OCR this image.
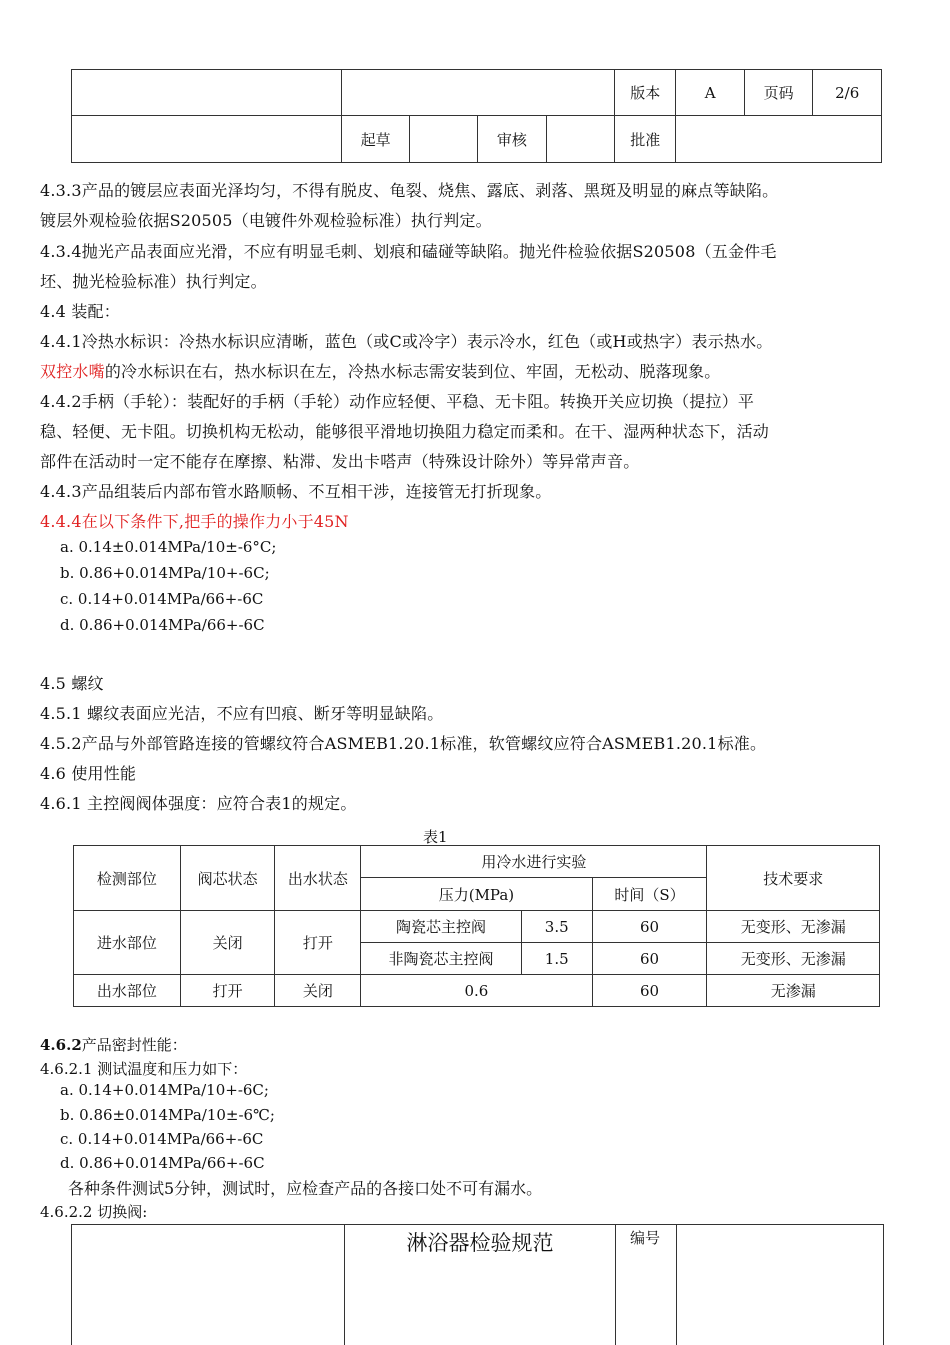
					版本	A	页码	2/6
	起草		审核		批准			
4.3.3产品的镀层应表面光泽均匀，不得有脱皮、龟裂、烧焦、露底、剥落、黑斑及明显的麻点等缺陷。
镀层外观检验依据S20505（电镀件外观检验标准）执行判定。
4.3.4抛光产品表面应光滑，不应有明显毛刺、划痕和磕碰等缺陷。抛光件检验依据S20508（五金件毛
坯、抛光检验标准）执行判定。
4.4 装配：
4.4.1冷热水标识：冷热水标识应清晰，蓝色（或C或冷字）表示冷水，红色（或H或热字）表示热水。
双控水嘴的冷水标识在右，热水标识在左，冷热水标志需安装到位、牢固，无松动、脱落现象。
4.4.2手柄（手轮）：装配好的手柄（手轮）动作应轻便、平稳、无卡阻。转换开关应切换（提拉）平
稳、轻便、无卡阻。切换机构无松动，能够很平滑地切换阻力稳定而柔和。在干、湿两种状态下，活动
部件在活动时一定不能存在摩擦、粘滞、发出卡嗒声（特殊设计除外）等异常声音。
4.4.3产品组装后内部布管水路顺畅、不互相干涉，连接管无打折现象。
4.4.4在以下条件下,把手的操作力小于45N
a. 0.14±0.014MPa/10±-6°C;
b. 0.86+0.014MPa/10+-6C;
c. 0.14+0.014MPa/66+-6C
d. 0.86+0.014MPa/66+-6C
4.5 螺纹
4.5.1 螺纹表面应光洁，不应有凹痕、断牙等明显缺陷。
4.5.2产品与外部管路连接的管螺纹符合ASMEB1.20.1标准，软管螺纹应符合ASMEB1.20.1标准。
4.6 使用性能
4.6.1 主控阀阀体强度：应符合表1的规定。
表1
检测部位	阀芯状态	出水状态	用冷水进行实验			技术要求
			压力(MPa)		时间（S）	
进水部位	关闭	打开	陶瓷芯主控阀	3.5	60	无变形、无渗漏
			非陶瓷芯主控阀	1.5	60	无变形、无渗漏
出水部位	打开	关闭	0.6		60	无渗漏
4.6.2产品密封性能：
4.6.2.1 测试温度和压力如下：
a. 0.14+0.014MPa/10+-6C;
b. 0.86±0.014MPa/10±-6℃;
c. 0.14+0.014MPa/66+-6C
d. 0.86+0.014MPa/66+-6C
各种条件测试5分钟，测试时，应检查产品的各接口处不可有漏水。
4.6.2.2 切换阀:
淋浴器检验规范	编号
